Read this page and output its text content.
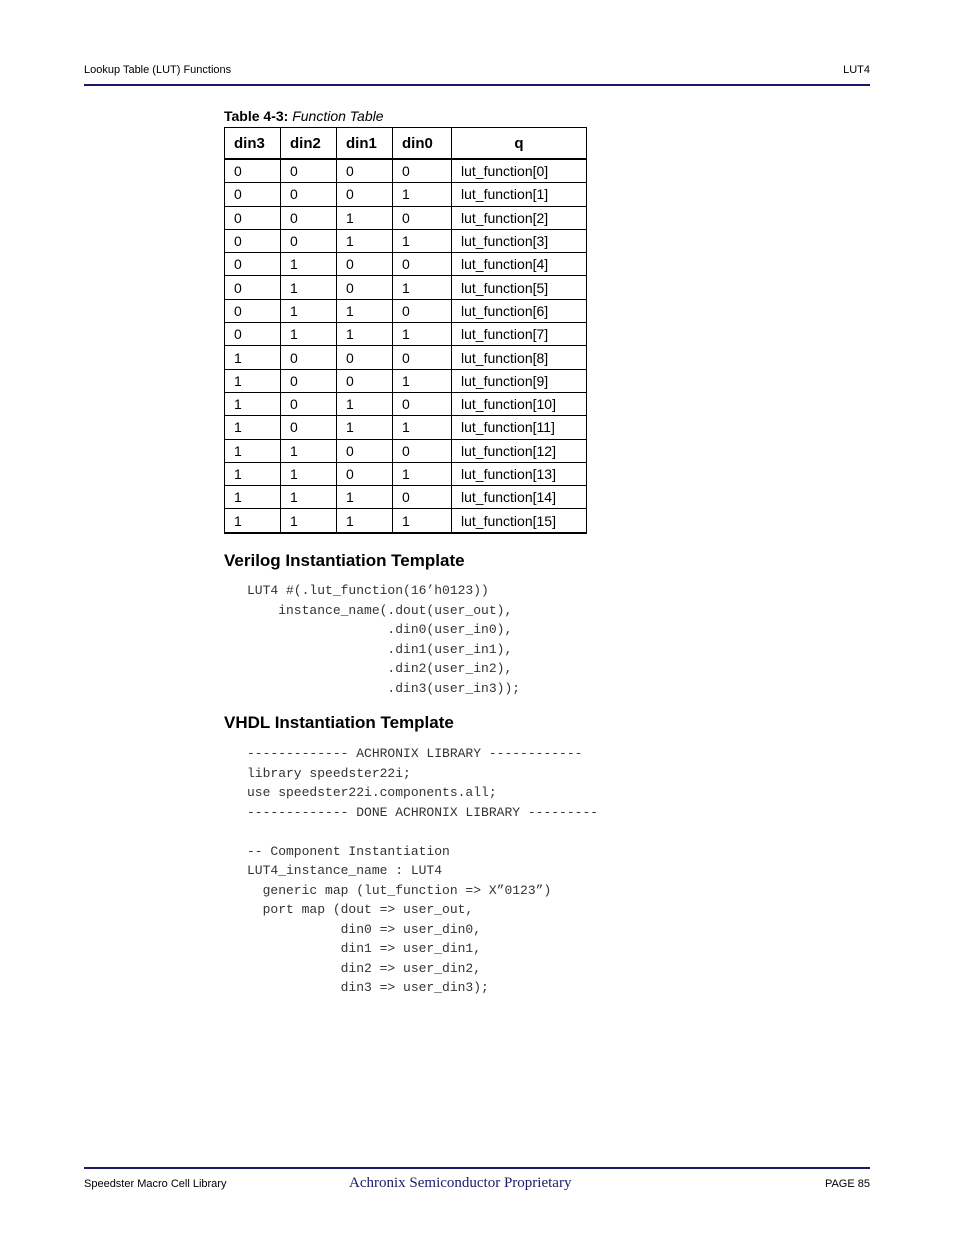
Lookup Table (LUT) Functions	LUT4
Table 4-3: Function Table
din3	din2	din1	din0	q
0	0	0	0	lut_function[0]
0	0	0	1	lut_function[1]
0	0	1	0	lut_function[2]
0	0	1	1	lut_function[3]
0	1	0	0	lut_function[4]
0	1	0	1	lut_function[5]
0	1	1	0	lut_function[6]
0	1	1	1	lut_function[7]
1	0	0	0	lut_function[8]
1	0	0	1	lut_function[9]
1	0	1	0	lut_function[10]
1	0	1	1	lut_function[11]
1	1	0	0	lut_function[12]
1	1	0	1	lut_function[13]
1	1	1	0	lut_function[14]
1	1	1	1	lut_function[15]
Verilog Instantiation Template
LUT4 #(.lut_function(16’h0123))
instance_name(.dout(user_out),
.din0(user_in0),
.din1(user_in1),
.din2(user_in2),
.din3(user_in3));
VHDL Instantiation Template
------------- ACHRONIX LIBRARY ------------
library speedster22i;
use speedster22i.components.all;
------------- DONE ACHRONIX LIBRARY ---------

-- Component Instantiation
LUT4_instance_name : LUT4
generic map (lut_function => X”0123”)
port map (dout => user_out,
din0 => user_din0,
din1 => user_din1,
din2 => user_din2,
din3 => user_din3);
Speedster Macro Cell Library	Achronix Semiconductor Proprietary	PAGE 85
